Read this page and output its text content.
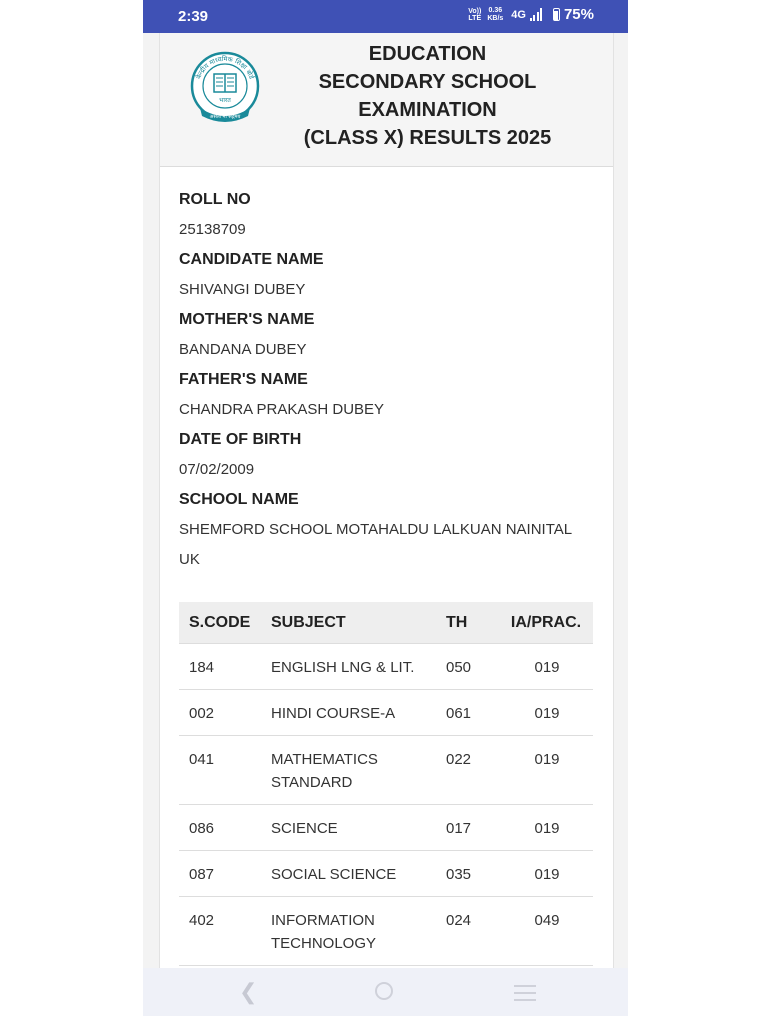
2:39	Vo))
LTE
0.36
KB/s 4G	75%
केन्द्रीय माध्यमिक शिक्षा बोर्ड
भारत
असतो मा सद्गमय
EDUCATION
SECONDARY SCHOOL
EXAMINATION
(CLASS X) RESULTS 2025
ROLL NO
25138709
CANDIDATE NAME
SHIVANGI DUBEY
MOTHER'S NAME
BANDANA DUBEY
FATHER'S NAME
CHANDRA PRAKASH DUBEY
DATE OF BIRTH
07/02/2009
SCHOOL NAME
SHEMFORD SCHOOL MOTAHALDU LALKUAN NAINITAL UK
S.CODE	SUBJECT	TH	IA/PRAC.
184	ENGLISH LNG & LIT.	050	019
002	HINDI COURSE-A	061	019
041	MATHEMATICS STANDARD	022	019
086	SCIENCE	017	019
087	SOCIAL SCIENCE	035	019
402	INFORMATION TECHNOLOGY	024	049
❮
